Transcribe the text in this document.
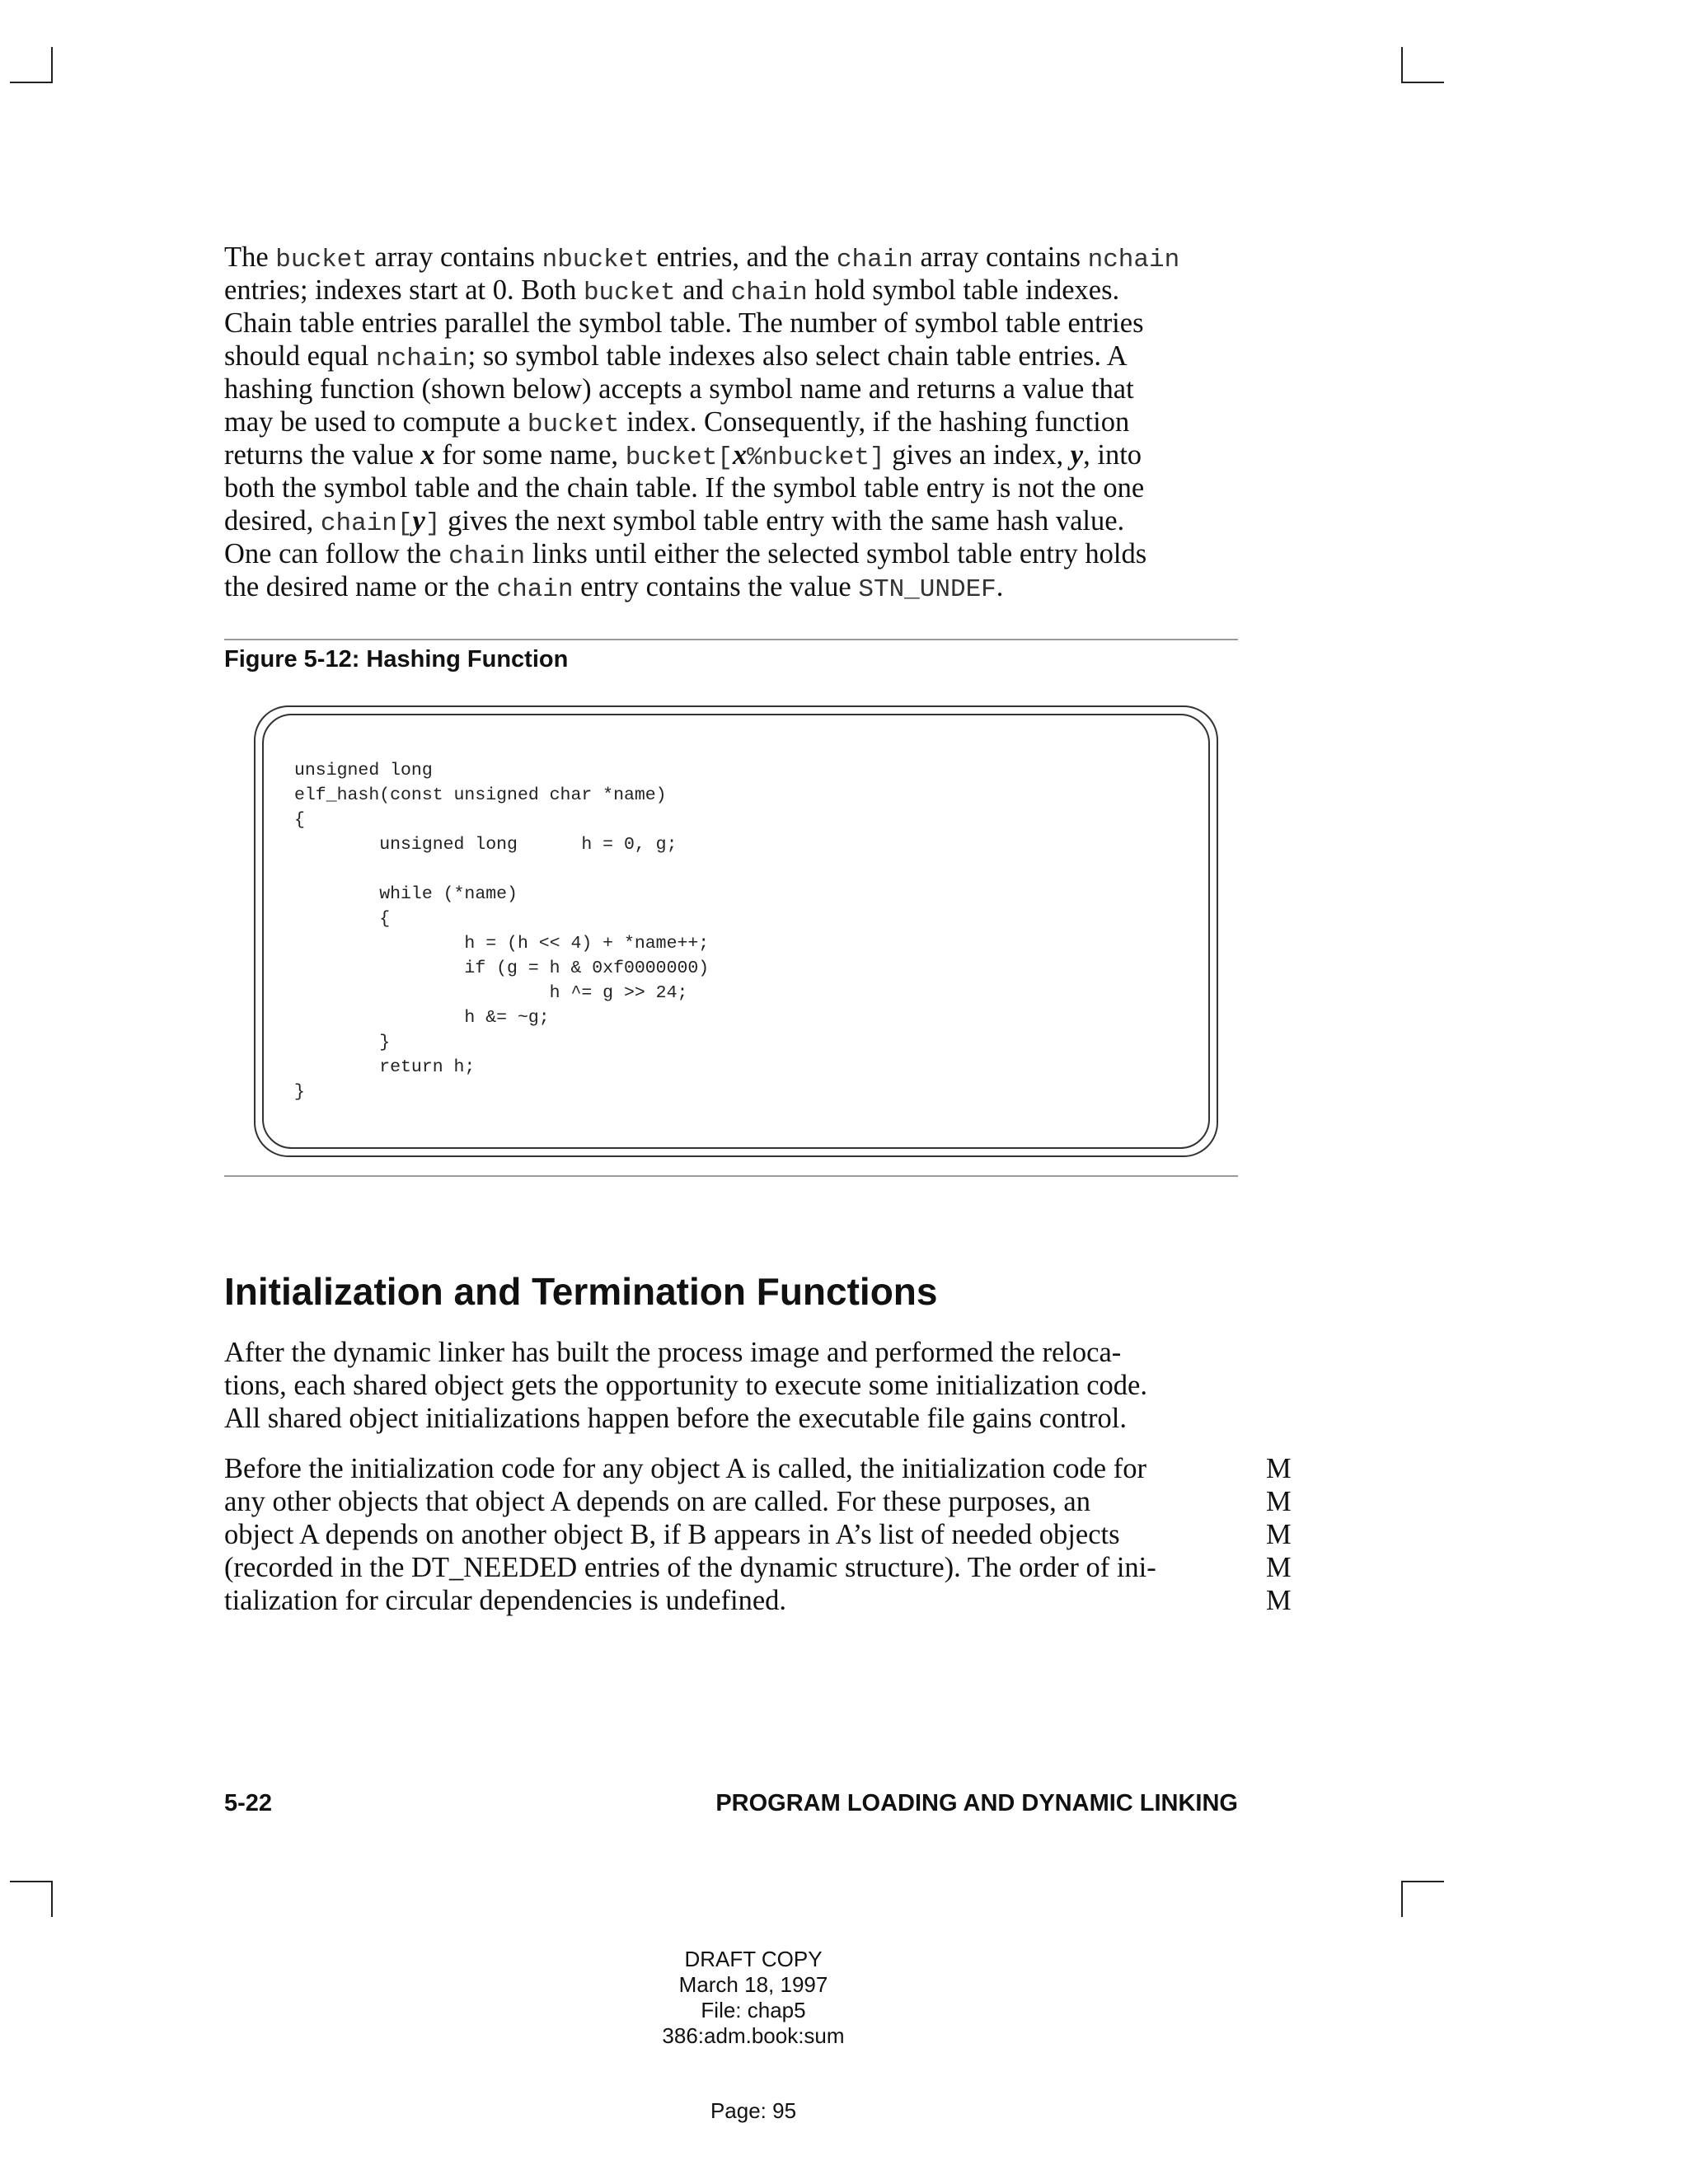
The bucket array contains nbucket entries, and the chain array contains nchain
entries; indexes start at 0. Both bucket and chain hold symbol table indexes.
Chain table entries parallel the symbol table. The number of symbol table entries
should equal nchain; so symbol table indexes also select chain table entries. A
hashing function (shown below) accepts a symbol name and returns a value that
may be used to compute a bucket index. Consequently, if the hashing function
returns the value x for some name, bucket[x%nbucket] gives an index, y, into
both the symbol table and the chain table. If the symbol table entry is not the one
desired, chain[y] gives the next symbol table entry with the same hash value.
One can follow the chain links until either the selected symbol table entry holds
the desired name or the chain entry contains the value STN_UNDEF.
Figure 5-12: Hashing Function
unsigned long
elf_hash(const unsigned char *name)
{
unsigned long      h = 0, g;

while (*name)
{
h = (h << 4) + *name++;
if (g = h & 0xf0000000)
h ^= g >> 24;
h &= ~g;
}
return h;
}
Initialization and Termination Functions
After the dynamic linker has built the process image and performed the reloca-
tions, each shared object gets the opportunity to execute some initialization code.
All shared object initializations happen before the executable file gains control.
Before the initialization code for any object A is called, the initialization code for
any other objects that object A depends on are called. For these purposes, an
object A depends on another object B, if B appears in A’s list of needed objects
(recorded in the DT_NEEDED entries of the dynamic structure). The order of ini-
tialization for circular dependencies is undefined.
M
M
M
M
M
5-22	PROGRAM LOADING AND DYNAMIC LINKING
DRAFT COPY
March 18, 1997
File: chap5
386:adm.book:sum
Page: 95
